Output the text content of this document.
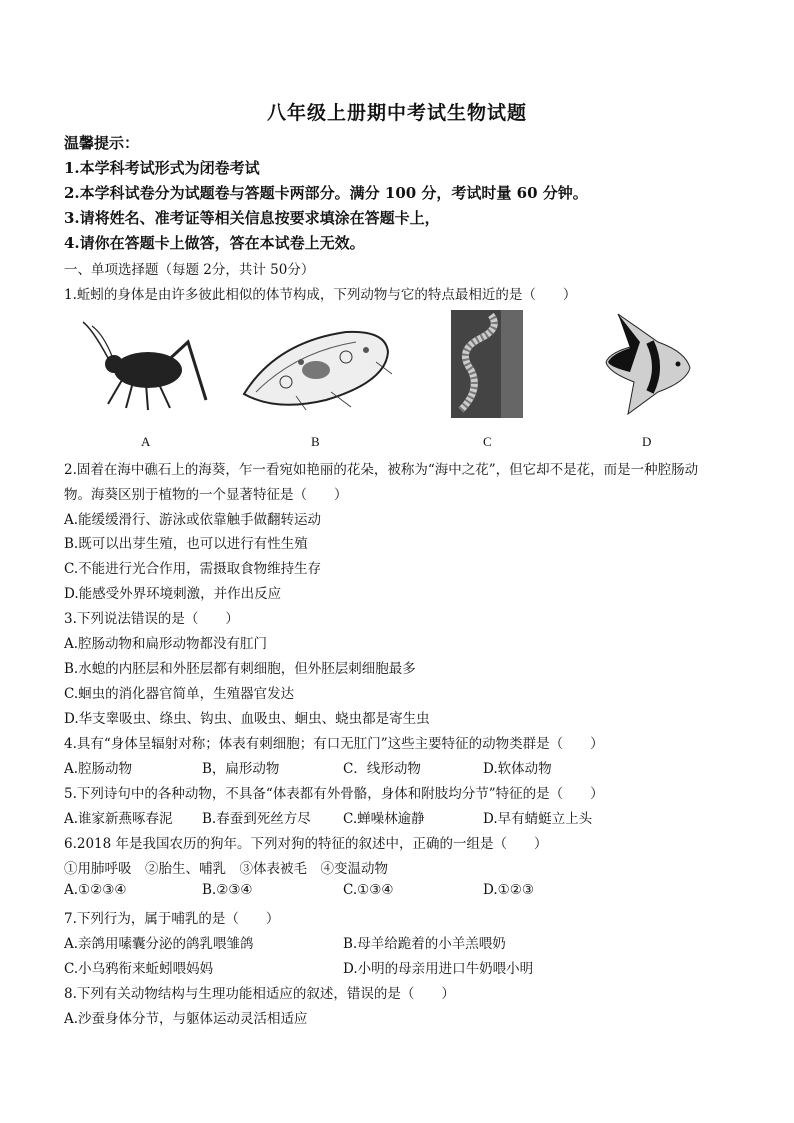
八年级上册期中考试生物试题
温馨提示：
1.本学科考试形式为闭卷考试
2.本学科试卷分为试题卷与答题卡两部分。满分 100 分，考试时量 60 分钟。
3.请将姓名、准考证等相关信息按要求填涂在答题卡上，
4.请你在答题卡上做答，答在本试卷上无效。
一、单项选择题（每题 2分，共计 50分）
1.蚯蚓的身体是由许多彼此相似的体节构成，下列动物与它的特点最相近的是（　　）
A	B	C	D
2.固着在海中礁石上的海葵，乍一看宛如艳丽的花朵，被称为“海中之花”，但它却不是花，而是一种腔肠动
物。海葵区别于植物的一个显著特征是（　　）
A.能缓缓滑行、游泳或依靠触手做翻转运动
B.既可以出芽生殖，也可以进行有性生殖
C.不能进行光合作用，需摄取食物维持生存
D.能感受外界环境刺激，并作出反应
3.下列说法错误的是（　　）
A.腔肠动物和扁形动物都没有肛门
B.水螅的内胚层和外胚层都有刺细胞，但外胚层刺细胞最多
C.蛔虫的消化器官简单，生殖器官发达
D.华支睾吸虫、绦虫、钩虫、血吸虫、蛔虫、蛲虫都是寄生虫
4.具有“身体呈辐射对称；体表有刺细胞；有口无肛门”这些主要特征的动物类群是（　　）
A.腔肠动物	B，扁形动物	C．线形动物	D.软体动物
5.下列诗句中的各种动物，不具备“体表都有外骨骼，身体和附肢均分节”特征的是（　　）
A.谁家新燕啄春泥 B.春蚕到死丝方尽 C.蝉噪林逾静	D.早有蜻蜓立上头
6.2018 年是我国农历的狗年。下列对狗的特征的叙述中，正确的一组是（　　）
①用肺呼吸　②胎生、哺乳　③体表被毛　④变温动物
A.①②③④	B.②③④	C.①③④	D.①②③
7.下列行为，属于哺乳的是（　　）
A.亲鸽用嗉囊分泌的鸽乳喂雏鸽	B.母羊给跪着的小羊羔喂奶
C.小乌鸦衔来蚯蚓喂妈妈	D.小明的母亲用进口牛奶喂小明
8.下列有关动物结构与生理功能相适应的叙述，错误的是（　　）
A.沙蚕身体分节，与躯体运动灵活相适应
